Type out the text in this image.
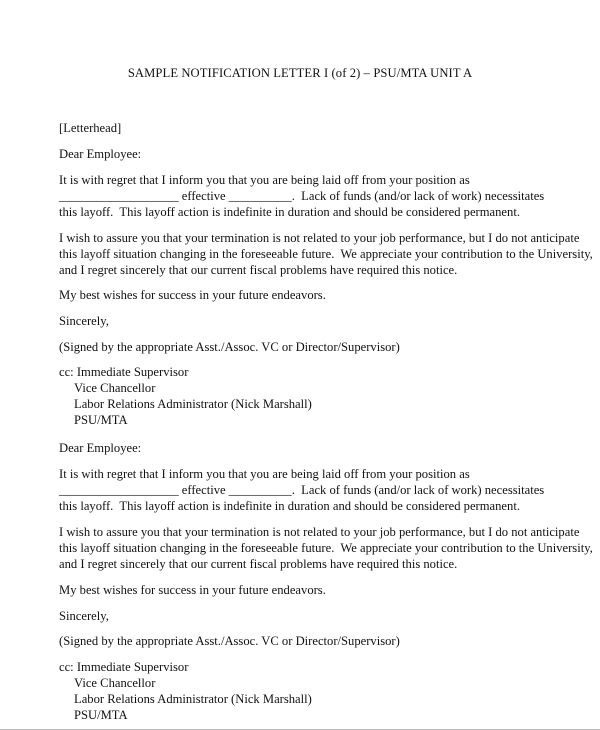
SAMPLE NOTIFICATION LETTER I (of 2) – PSU/MTA UNIT A
[Letterhead]
Dear Employee:
It is with regret that I inform you that you are being laid off from your position as
___________________ effective __________.  Lack of funds (and/or lack of work) necessitates
this layoff.  This layoff action is indefinite in duration and should be considered permanent.
I wish to assure you that your termination is not related to your job performance, but I do not anticipate
this layoff situation changing in the foreseeable future.  We appreciate your contribution to the University,
and I regret sincerely that our current fiscal problems have required this notice.
My best wishes for success in your future endeavors.
Sincerely,
(Signed by the appropriate Asst./Assoc. VC or Director/Supervisor)
cc: Immediate Supervisor
Vice Chancellor
Labor Relations Administrator (Nick Marshall)
PSU/MTA
Dear Employee:
It is with regret that I inform you that you are being laid off from your position as
___________________ effective __________.  Lack of funds (and/or lack of work) necessitates
this layoff.  This layoff action is indefinite in duration and should be considered permanent.
I wish to assure you that your termination is not related to your job performance, but I do not anticipate
this layoff situation changing in the foreseeable future.  We appreciate your contribution to the University,
and I regret sincerely that our current fiscal problems have required this notice.
My best wishes for success in your future endeavors.
Sincerely,
(Signed by the appropriate Asst./Assoc. VC or Director/Supervisor)
cc: Immediate Supervisor
Vice Chancellor
Labor Relations Administrator (Nick Marshall)
PSU/MTA
